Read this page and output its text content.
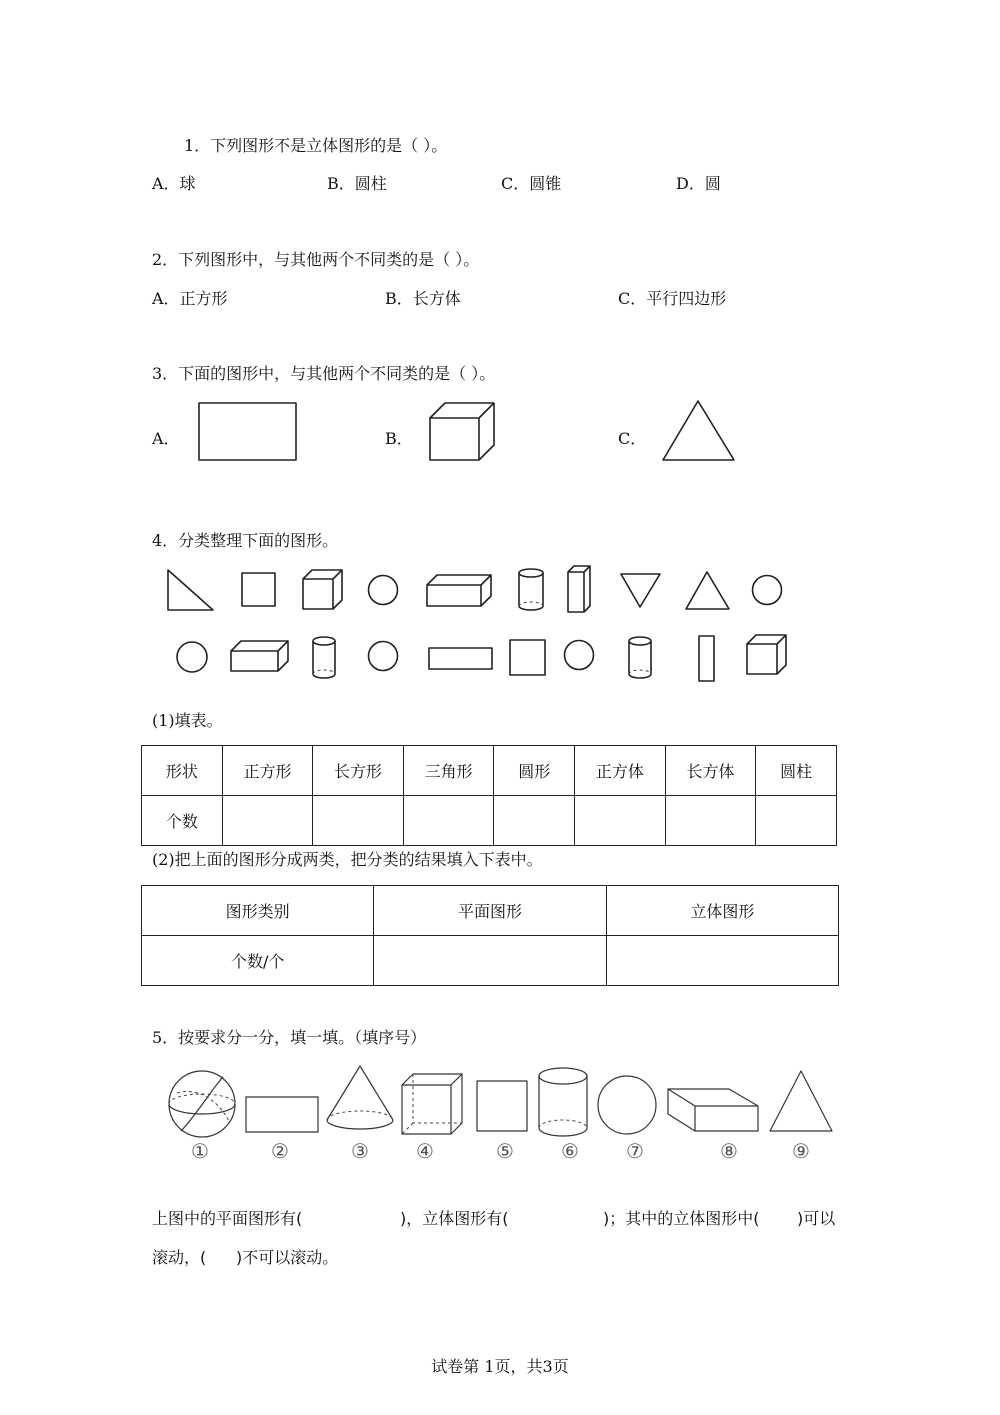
1．下列图形不是立体图形的是（ ）。
A．球	B．圆柱	C．圆锥	D．圆
2．下列图形中，与其他两个不同类的是（ ）。
A．正方形	B．长方体	C．平行四边形
3．下面的图形中，与其他两个不同类的是（ ）。
A．	B．	C．
4．分类整理下面的图形。
(1)填表。
形状	正方形	长方形	三角形	圆形	正方体	长方体	圆柱
个数							
(2)把上面的图形分成两类，把分类的结果填入下表中。
图形类别	平面图形	立体图形
个数/个		
5．按要求分一分，填一填。（填序号）
①	②	③ ④	⑤ ⑥ ⑦	⑧	⑨
上图中的平面图形有(	)，立体图形有(	)；其中的立体图形中( )可以
滚动，( )不可以滚动。
试卷第 1页，共3页
